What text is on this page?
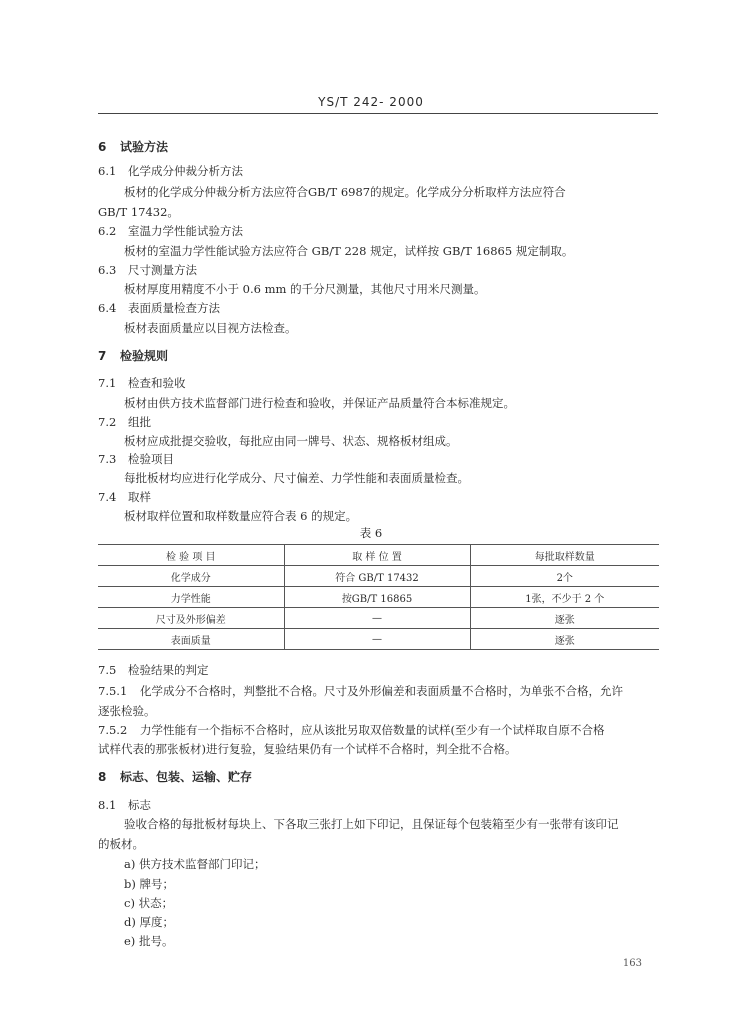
YS/T 242- 2000
6 试验方法
6.1 化学成分仲裁分析方法
板材的化学成分仲裁分析方法应符合GB/T 6987的规定。化学成分分析取样方法应符合
GB/T 17432。
6.2 室温力学性能试验方法
板材的室温力学性能试验方法应符合 GB/T 228 规定，试样按 GB/T 16865 规定制取。
6.3 尺寸测量方法
板材厚度用精度不小于 0.6 mm 的千分尺测量，其他尺寸用米尺测量。
6.4 表面质量检查方法
板材表面质量应以目视方法检查。
7 检验规则
7.1 检查和验收
板材由供方技术监督部门进行检查和验收，并保证产品质量符合本标准规定。
7.2 组批
板材应成批提交验收，每批应由同一牌号、状态、规格板材组成。
7.3 检验项目
每批板材均应进行化学成分、尺寸偏差、力学性能和表面质量检查。
7.4 取样
板材取样位置和取样数量应符合表 6 的规定。
表 6
检 验 项 目	取 样 位 置	每批取样数量
化学成分	符合 GB/T 17432	2个
力学性能	按GB/T 16865	1张，不少于 2 个
尺寸及外形偏差	—	逐张
表面质量	—	逐张
7.5 检验结果的判定
7.5.1 化学成分不合格时，判整批不合格。尺寸及外形偏差和表面质量不合格时，为单张不合格，允许
逐张检验。
7.5.2 力学性能有一个指标不合格时，应从该批另取双倍数量的试样(至少有一个试样取自原不合格
试样代表的那张板材)进行复验，复验结果仍有一个试样不合格时，判全批不合格。
8 标志、包装、运输、贮存
8.1 标志
验收合格的每批板材每块上、下各取三张打上如下印记，且保证每个包装箱至少有一张带有该印记
的板材。
a) 供方技术监督部门印记；
b) 牌号；
c) 状态；
d) 厚度；
e) 批号。
163
